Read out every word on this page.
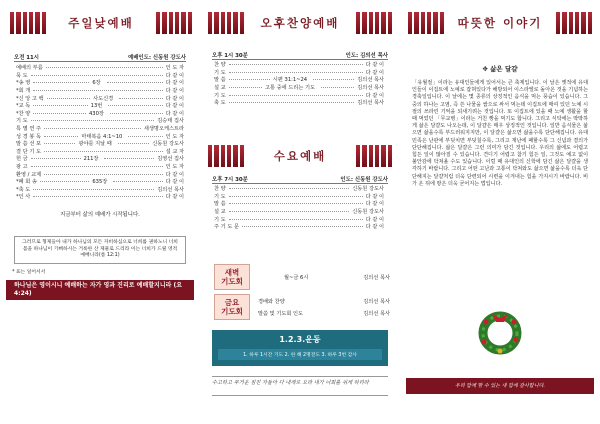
주일낮예배
오전 11시	예배인도: 신동원 강도사
예배의 부름	인 도 자
묵 도	다 같 이
*송 영	6장	다 같 이
*회 개	다 같 이
*신 앙 고 백	사도신경	다 같 이
*교 독	13번	다 같 이
*찬 양	430장	다 같 이
기 도	김승태 집사
특 별 연 주	새생명오케스트라
성 경 봉 독	마태복음 4:1~10	인 도 자
말 씀 선 포	광야를 지날 때	신동원 강도사
결 단 기 도	설 교 자
헌 금	211장	김영선 집사
광 고	인 도 자
환영 / 교제	다 같 이
*폐 회 송	635장	다 같 이
*축 도	김의선 목사
*인 사	다 같 이
지금부터 삶의 예배가 시작됩니다.
그러므로 형제들아 내가 하나님의 모든 자비하심으로 너희를 권하노니 너희 몸을 하나님이 기뻐하시는 거룩한 산 제물로 드리라 이는 너희가 드릴 영적 예배니라(롬 12:1)
* 표는 일어서서
하나님은 영이시니 예배하는 자가 영과 진리로 예배할지니라 (요4:24)
오후찬양예배
오후 1시 30분	인도: 김의선 목사
찬 양	다 같 이
기 도	다 같 이
말 씀	시편 31:1~24	김의선 목사
설 교	고통 중에 드리는 기도	김의선 목사
기 도	다 같 이
축 도	김의선 목사
수요예배
오후 7시 30분	인도: 신동원 강도사
찬 양	신동원 강도사
기 도	다 같 이
말 씀	다 같 이
설 교	신동원 강도사
기 도	다 같 이
주 기 도 문	다 같 이
새벽
기도회	월~금 6시	김의선 목사
금요
기도회
경배와 찬양	김의선 목사
말씀 및 기도회 인도	김의선 목사
1.2.3.운동
1. 하루 1시간 기도 2. 한 해 2명전도 3. 하루 3번 감사
수고하고 무거운 짐진 자들아 다 내게로 오라 내가 너희를 쉬게 하리라
따뜻한 이야기
✥ 삶은 달걀
「유월절」이라는 유대인들에게 있어서는 큰 축제입니다. 이 날은 옛적에 유대인들이 이집트에 노예로 잡혀있다가 해방되어 이스라엘로 돌아온 것을 기념하는 경축일입니다. 이 날에는 몇 종류의 상징적인 음식을 먹는 풍습이 있습니다. 그 중의 하나는 고염, 즉 쓴 나물을 쌈으로 싸서 먹는데 이집트에 매여 있던 노예 시절의 쓰라린 기억을 되새기려는 것입니다. 또 이집트에 있을 때 노예 생활을 할 때 먹었던 「무교병」이라는 거친 빵을 먹기도 합니다. 그리고 식탁에는 딱딱하게 삶은 달걀도 나오는데, 이 달걀은 매우 상징적인 것입니다. 일반 음식물은 삶으면 삶을수록 부드러워지지만, 이 달걀은 삶으면 삶을수록 단단해집니다. 유대 민족은 난관에 부딪치면 부딪칠수록, 그리고 재난에 패할수록 그 신념과 결의가 단단해집니다. 삶은 달걀은 그런 의미가 담긴 것입니다. 우리의 삶에도 어렵고 힘든 일이 많아질 수 있습니다. 견디기 어렵고 참기 힘든 일, 그것도 예고 없이 불안감에 닥쳐올 수도 있습니다. 이럴 때 유대인의 신학에 담긴 삶은 달걀을 생각하기 바랍니다. 그리고 어떤 고난과 고통이 닥쳐와도 삶으면 삶을수록 더욱 단단해지는 달걀처럼 더욱 단련되어 시련을 이겨내는 힘을 가지시기 바랍니다. 비가 온 뒤에 땅은 더욱 굳어지는 법입니다.
우리 함께 할 수 있는 새 힘에 감사합니다.
